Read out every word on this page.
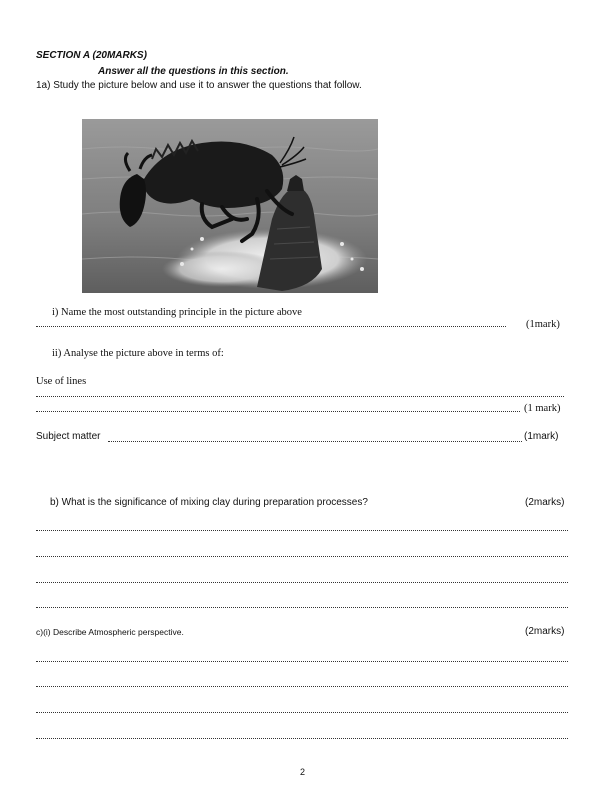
SECTION A (20MARKS)
Answer all the questions in this section.
1a) Study the picture below and use it to answer the questions that follow.
i) Name the most outstanding principle in the picture above
(1mark)
ii) Analyse the picture above in terms of:
Use of lines
(1 mark)
Subject matter	(1mark)
b) What is the significance of mixing clay during preparation processes?	(2marks)
c)(i) Describe Atmospheric perspective.	(2marks)
2
